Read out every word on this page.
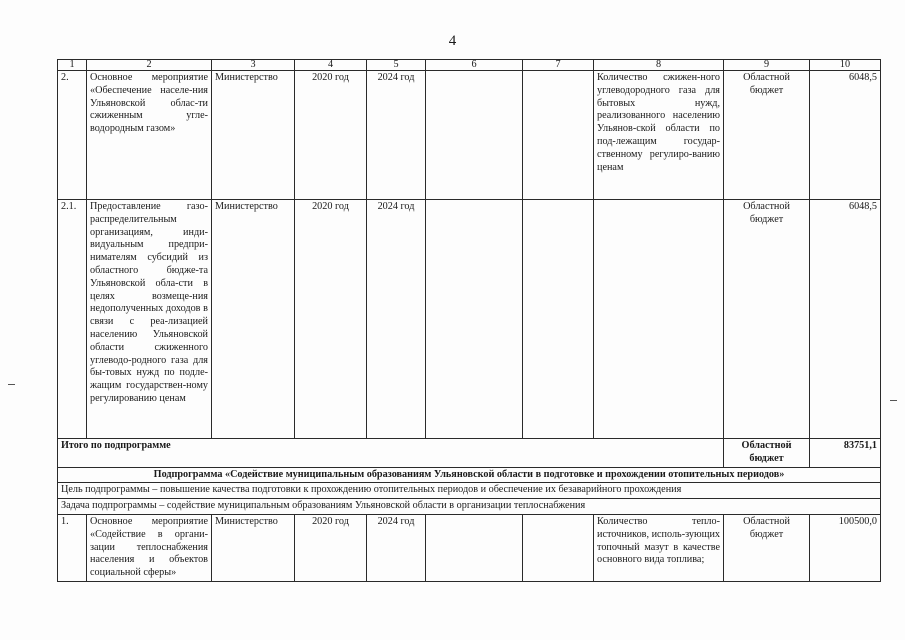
4
1	2	3	4	5	6	7	8	9	10
2.	Основное мероприятие «Обеспечение населе-ния Ульяновской облас-ти сжиженным угле-водородным газом»	Министерство	2020 год	2024 год			Количество сжижен-ного углеводородного газа для бытовых нужд, реализованного населению Ульянов-ской области по под-лежащим государ-ственному регулиро-ванию ценам	Областной бюджет	6048,5
2.1.	Предоставление газо-распределительным организациям, инди-видуальным предпри-нимателям субсидий из областного бюдже-та Ульяновской обла-сти в целях возмеще-ния недополученных доходов в связи с реа-лизацией населению Ульяновской области сжиженного углеводо-родного газа для бы-товых нужд по подле-жащим государствен-ному регулированию ценам	Министерство	2020 год	2024 год				Областной бюджет	6048,5
Итого по подпрограмме								Областной бюджет	83751,1
Подпрограмма «Содействие муниципальным образованиям Ульяновской области в подготовке и прохождении отопительных периодов»									
Цель подпрограммы – повышение качества подготовки к прохождению отопительных периодов и обеспечение их безаварийного прохождения									
Задача подпрограммы – содействие муниципальным образованиям Ульяновской области в организации теплоснабжения									
1.	Основное мероприятие «Содействие в органи-зации теплоснабжения населения и объектов социальной сферы»	Министерство	2020 год	2024 год			Количество тепло-источников, исполь-зующих топочный мазут в качестве основного вида топлива;	Областной бюджет	100500,0
